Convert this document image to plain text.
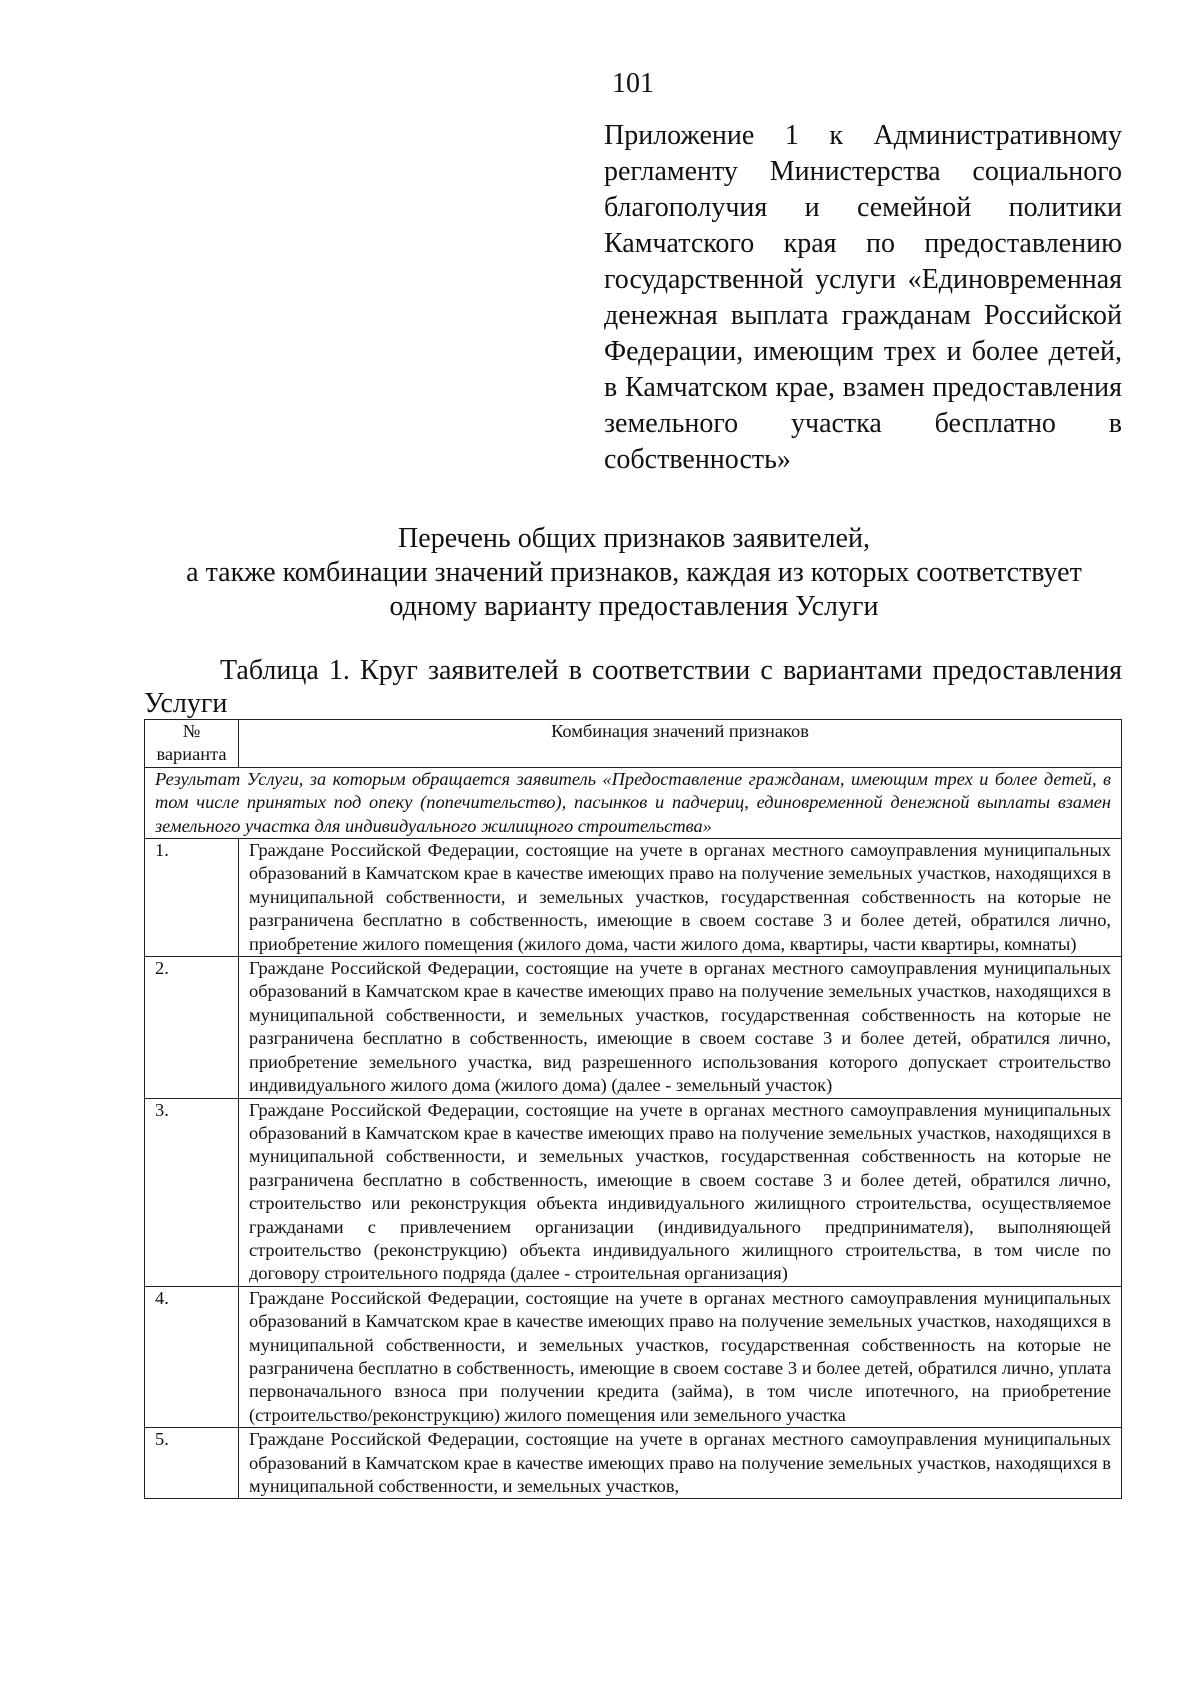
101
Приложение 1 к Административному регламенту Министерства социального благополучия и семейной политики Камчатского края по предоставлению государственной услуги «Единовременная денежная выплата гражданам Российской Федерации, имеющим трех и более детей, в Камчатском крае, взамен предоставления земельного участка бесплатно в собственность»
Перечень общих признаков заявителей,
а также комбинации значений признаков, каждая из которых соответствует
одному варианту предоставления Услуги
Таблица 1. Круг заявителей в соответствии с вариантами предоставления Услуги
№ варианта	Комбинация значений признаков
Результат Услуги, за которым обращается заявитель «Предоставление гражданам, имеющим трех и более детей, в том числе принятых под опеку (попечительство), пасынков и падчериц, единовременной денежной выплаты взамен земельного участка для индивидуального жилищного строительства»	
1.	Граждане Российской Федерации, состоящие на учете в органах местного самоуправления муниципальных образований в Камчатском крае в качестве имеющих право на получение земельных участков, находящихся в муниципальной собственности, и земельных участков, государственная собственность на которые не разграничена бесплатно в собственность, имеющие в своем составе 3 и более детей, обратился лично, приобретение жилого помещения (жилого дома, части жилого дома, квартиры, части квартиры, комнаты)
2.	Граждане Российской Федерации, состоящие на учете в органах местного самоуправления муниципальных образований в Камчатском крае в качестве имеющих право на получение земельных участков, находящихся в муниципальной собственности, и земельных участков, государственная собственность на которые не разграничена бесплатно в собственность, имеющие в своем составе 3 и более детей, обратился лично, приобретение земельного участка, вид разрешенного использования которого допускает строительство индивидуального жилого дома (жилого дома) (далее - земельный участок)
3.	Граждане Российской Федерации, состоящие на учете в органах местного самоуправления муниципальных образований в Камчатском крае в качестве имеющих право на получение земельных участков, находящихся в муниципальной собственности, и земельных участков, государственная собственность на которые не разграничена бесплатно в собственность, имеющие в своем составе 3 и более детей, обратился лично, строительство или реконструкция объекта индивидуального жилищного строительства, осуществляемое гражданами с привлечением организации (индивидуального предпринимателя), выполняющей строительство (реконструкцию) объекта индивидуального жилищного строительства, в том числе по договору строительного подряда (далее - строительная организация)
4.	Граждане Российской Федерации, состоящие на учете в органах местного самоуправления муниципальных образований в Камчатском крае в качестве имеющих право на получение земельных участков, находящихся в муниципальной собственности, и земельных участков, государственная собственность на которые не разграничена бесплатно в собственность, имеющие в своем составе 3 и более детей, обратился лично, уплата первоначального взноса при получении кредита (займа), в том числе ипотечного, на приобретение (строительство/реконструкцию) жилого помещения или земельного участка
5.	Граждане Российской Федерации, состоящие на учете в органах местного самоуправления муниципальных образований в Камчатском крае в качестве имеющих право на получение земельных участков, находящихся в муниципальной собственности, и земельных участков,
